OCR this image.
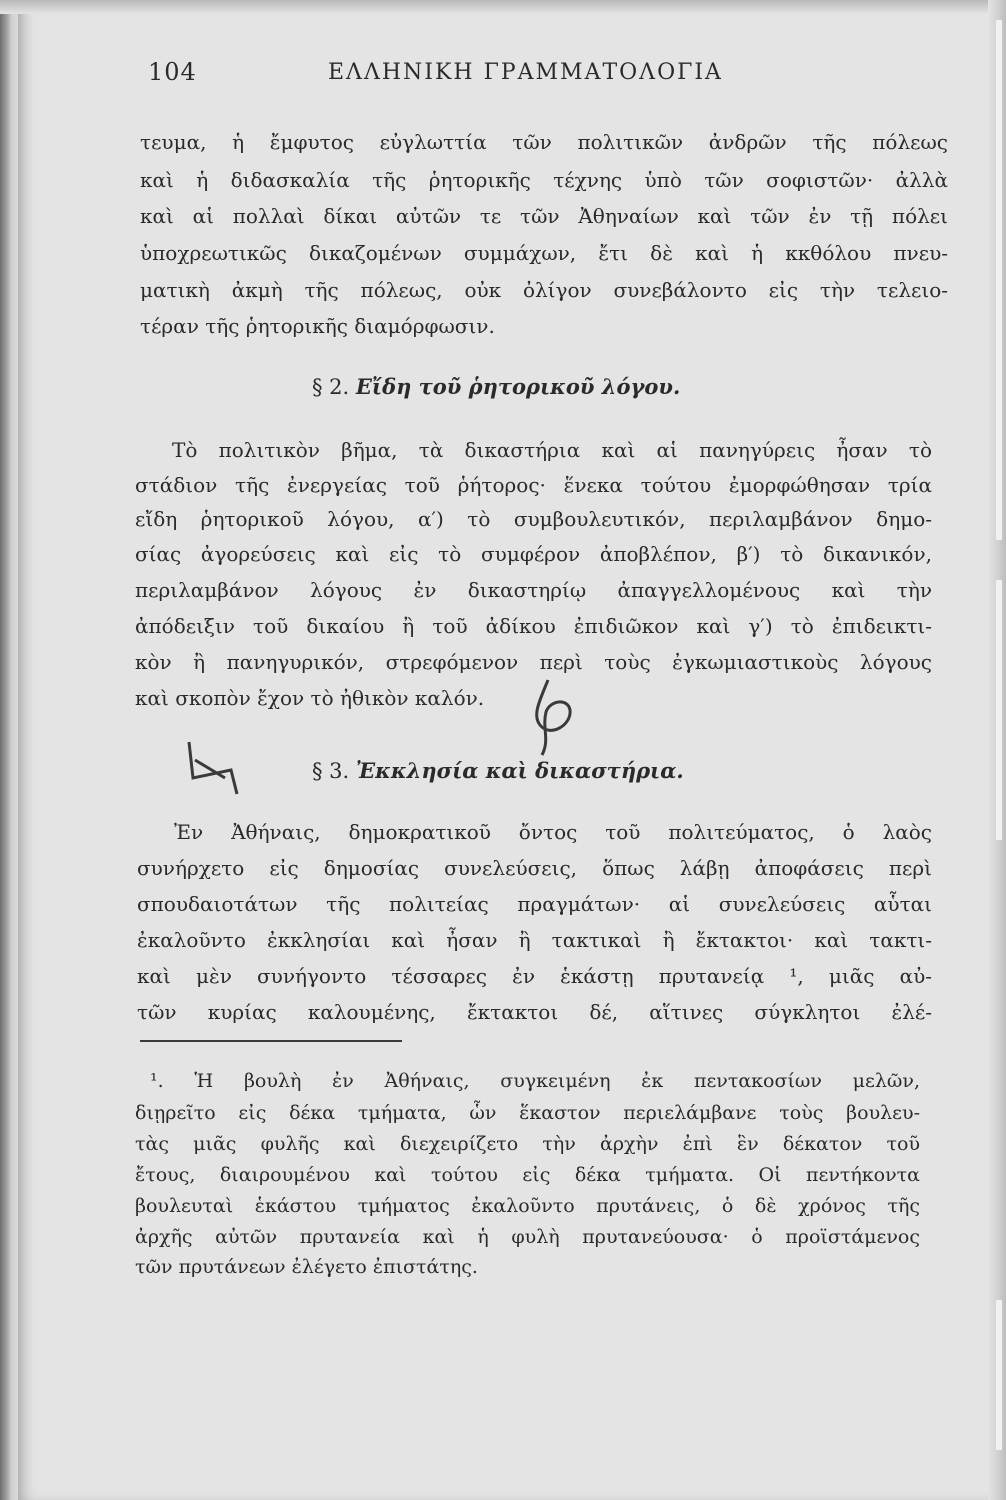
104	ΕΛΛΗΝΙΚΗ ΓΡΑΜΜΑΤΟΛΟΓΙΑ
τευμα, ἡ ἔμφυτος εὐγλωττία τῶν πολιτικῶν ἀνδρῶν τῆς πόλεως
καὶ ἡ διδασκαλία τῆς ῥητορικῆς τέχνης ὑπὸ τῶν σοφιστῶν· ἀλλὰ
καὶ αἱ πολλαὶ δίκαι αὐτῶν τε τῶν Ἀθηναίων καὶ τῶν ἐν τῇ πόλει
ὑποχρεωτικῶς δικαζομένων συμμάχων, ἔτι δὲ καὶ ἡ κκθόλου πνευ-
ματικὴ ἀκμὴ τῆς πόλεως, οὐκ ὀλίγον συνεβάλοντο εἰς τὴν τελειο-
τέραν τῆς ῥητορικῆς διαμόρφωσιν.
§ 2. Εἴδη τοῦ ῥητορικοῦ λόγου.
Τὸ πολιτικὸν βῆμα, τὰ δικαστήρια καὶ αἱ πανηγύρεις ἦσαν τὸ
στάδιον τῆς ἐνεργείας τοῦ ῥήτορος· ἕνεκα τούτου ἐμορφώθησαν τρία
εἴδη ῥητορικοῦ λόγου, α′) τὸ συμβουλευτικόν, περιλαμβάνον δημο-
σίας ἀγορεύσεις καὶ εἰς τὸ συμφέρον ἀποβλέπον, β′) τὸ δικανικόν,
περιλαμβάνον λόγους ἐν δικαστηρίῳ ἀπαγγελλομένους καὶ τὴν
ἀπόδειξιν τοῦ δικαίου ἢ τοῦ ἀδίκου ἐπιδιῶκον καὶ γ′) τὸ ἐπιδεικτι-
κὸν ἢ πανηγυρικόν, στρεφόμενον περὶ τοὺς ἐγκωμιαστικοὺς λόγους
καὶ σκοπὸν ἔχον τὸ ἠθικὸν καλόν.
§ 3. Ἐκκλησία καὶ δικαστήρια.
Ἐν Ἀθήναις, δημοκρατικοῦ ὄντος τοῦ πολιτεύματος, ὁ λαὸς
συνήρχετο εἰς δημοσίας συνελεύσεις, ὅπως λάβῃ ἀποφάσεις περὶ
σπουδαιοτάτων τῆς πολιτείας πραγμάτων· αἱ συνελεύσεις αὗται
ἐκαλοῦντο ἐκκλησίαι καὶ ἦσαν ἢ τακτικαὶ ἢ ἔκτακτοι· καὶ τακτι-
καὶ μὲν συνήγοντο τέσσαρες ἐν ἑκάστῃ πρυτανείᾳ ¹, μιᾶς αὐ-
τῶν κυρίας καλουμένης, ἔκτακτοι δέ, αἵτινες σύγκλητοι ἐλέ-
¹. Ἡ βουλὴ ἐν Ἀθήναις, συγκειμένη ἐκ πεντακοσίων μελῶν,
διῃρεῖτο εἰς δέκα τμήματα, ὧν ἕκαστον περιελάμβανε τοὺς βουλευ-
τὰς μιᾶς φυλῆς καὶ διεχειρίζετο τὴν ἀρχὴν ἐπὶ ἓν δέκατον τοῦ
ἔτους, διαιρουμένου καὶ τούτου εἰς δέκα τμήματα. Οἱ πεντήκοντα
βουλευταὶ ἑκάστου τμήματος ἐκαλοῦντο πρυτάνεις, ὁ δὲ χρόνος τῆς
ἀρχῆς αὐτῶν πρυτανεία καὶ ἡ φυλὴ πρυτανεύουσα· ὁ προϊστάμενος
τῶν πρυτάνεων ἐλέγετο ἐπιστάτης.
